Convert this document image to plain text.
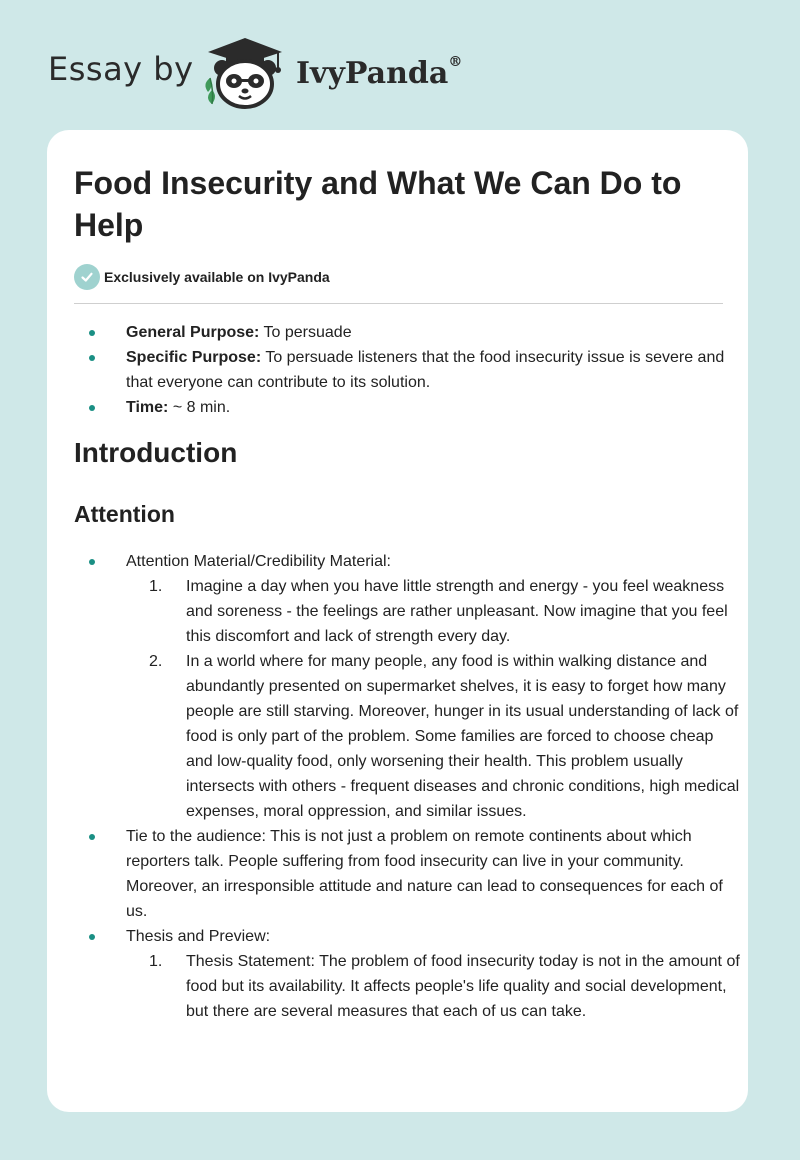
Essay by	IvyPanda®
Food Insecurity and What We Can Do to Help
Exclusively available on IvyPanda
General Purpose: To persuade
Specific Purpose: To persuade listeners that the food insecurity issue is severe and that everyone can contribute to its solution.
Time: ~ 8 min.
Introduction
Attention
Attention Material/Credibility Material:
1. Imagine a day when you have little strength and energy - you feel weakness and soreness - the feelings are rather unpleasant. Now imagine that you feel this discomfort and lack of strength every day.
2. In a world where for many people, any food is within walking distance and abundantly presented on supermarket shelves, it is easy to forget how many people are still starving. Moreover, hunger in its usual understanding of lack of food is only part of the problem. Some families are forced to choose cheap and low-quality food, only worsening their health. This problem usually intersects with others - frequent diseases and chronic conditions, high medical expenses, moral oppression, and similar issues.
Tie to the audience: This is not just a problem on remote continents about which reporters talk. People suffering from food insecurity can live in your community. Moreover, an irresponsible attitude and nature can lead to consequences for each of us.
Thesis and Preview:
1. Thesis Statement: The problem of food insecurity today is not in the amount of food but its availability. It affects people's life quality and social development, but there are several measures that each of us can take.
